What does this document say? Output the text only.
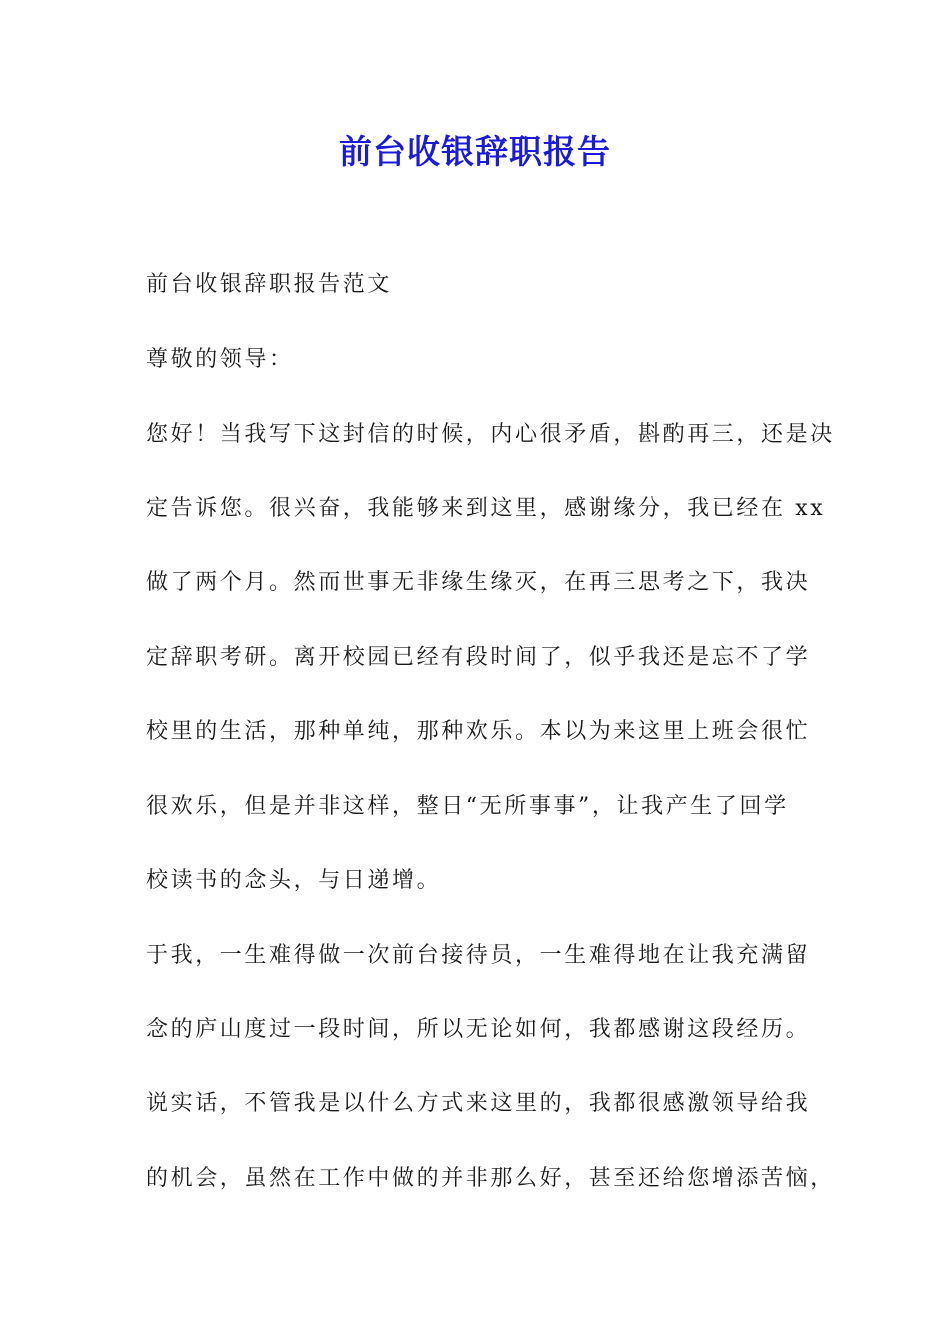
前台收银辞职报告
前台收银辞职报告范文
尊敬的领导：
您好！当我写下这封信的时候，内心很矛盾，斟酌再三，还是决
定告诉您。很兴奋，我能够来到这里，感谢缘分，我已经在 xx
做了两个月。然而世事无非缘生缘灭，在再三思考之下，我决
定辞职考研。离开校园已经有段时间了，似乎我还是忘不了学
校里的生活，那种单纯，那种欢乐。本以为来这里上班会很忙
很欢乐，但是并非这样，整日“无所事事”，让我产生了回学
校读书的念头，与日递增。
于我，一生难得做一次前台接待员，一生难得地在让我充满留
念的庐山度过一段时间，所以无论如何，我都感谢这段经历。
说实话，不管我是以什么方式来这里的，我都很感激领导给我
的机会，虽然在工作中做的并非那么好，甚至还给您增添苦恼，
